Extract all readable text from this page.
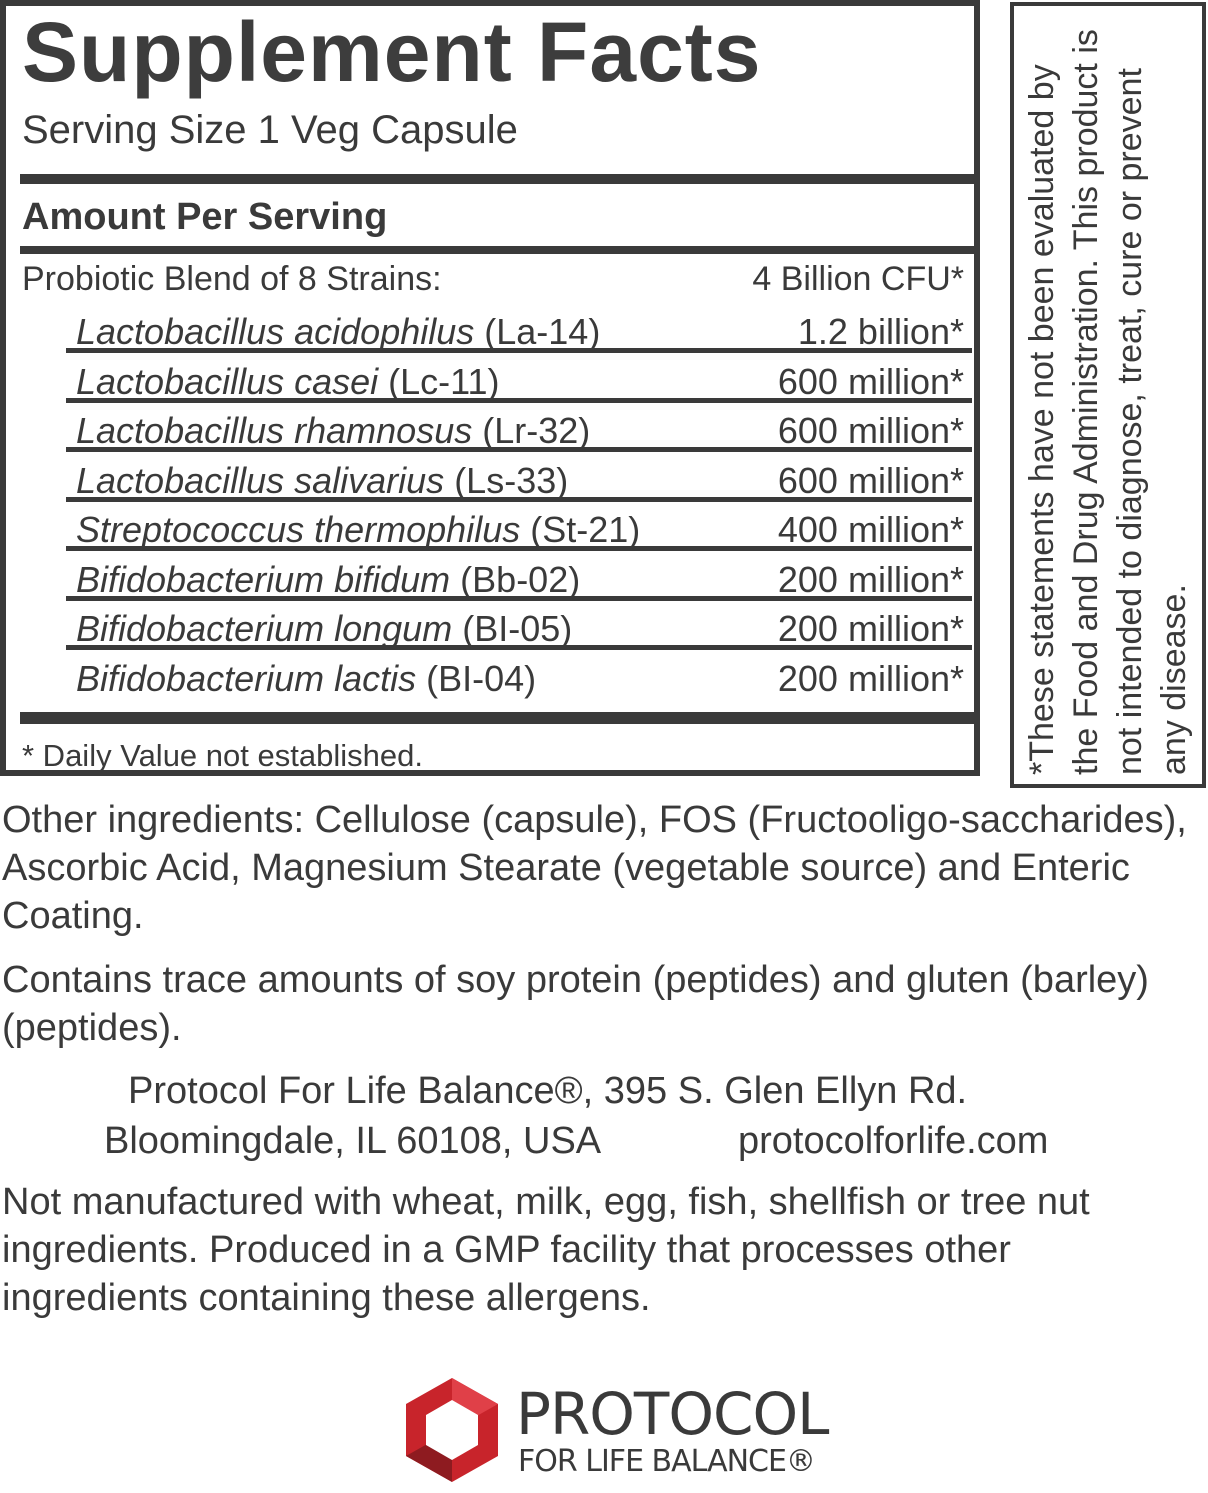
Supplement Facts
Serving Size 1 Veg Capsule
Amount Per Serving
Probiotic Blend of 8 Strains:	4 Billion CFU*
Lactobacillus acidophilus (La-14)	1.2 billion*
Lactobacillus casei (Lc-11)	600 million*
Lactobacillus rhamnosus (Lr-32)	600 million*
Lactobacillus salivarius (Ls-33)	600 million*
Streptococcus thermophilus (St-21)	400 million*
Bifidobacterium bifidum (Bb-02)	200 million*
Bifidobacterium longum (BI-05)	200 million*
Bifidobacterium lactis (BI-04)	200 million*
* Daily Value not established.	*These statements have not been evaluated by the Food and Drug Administration. This product is not intended to diagnose, treat, cure or prevent any disease.
Other ingredients: Cellulose (capsule), FOS (Fructooligo-saccharides), Ascorbic Acid, Magnesium Stearate (vegetable source) and Enteric Coating.
Contains trace amounts of soy protein (peptides) and gluten (barley) (peptides).
Protocol For Life Balance®, 395 S. Glen Ellyn Rd.
Bloomingdale, IL 60108, USA	protocolforlife.com
Not manufactured with wheat, milk, egg, fish, shellfish or tree nut ingredients. Produced in a GMP facility that processes other ingredients containing these allergens.
PROTOCOL
FOR LIFE BALANCE®
